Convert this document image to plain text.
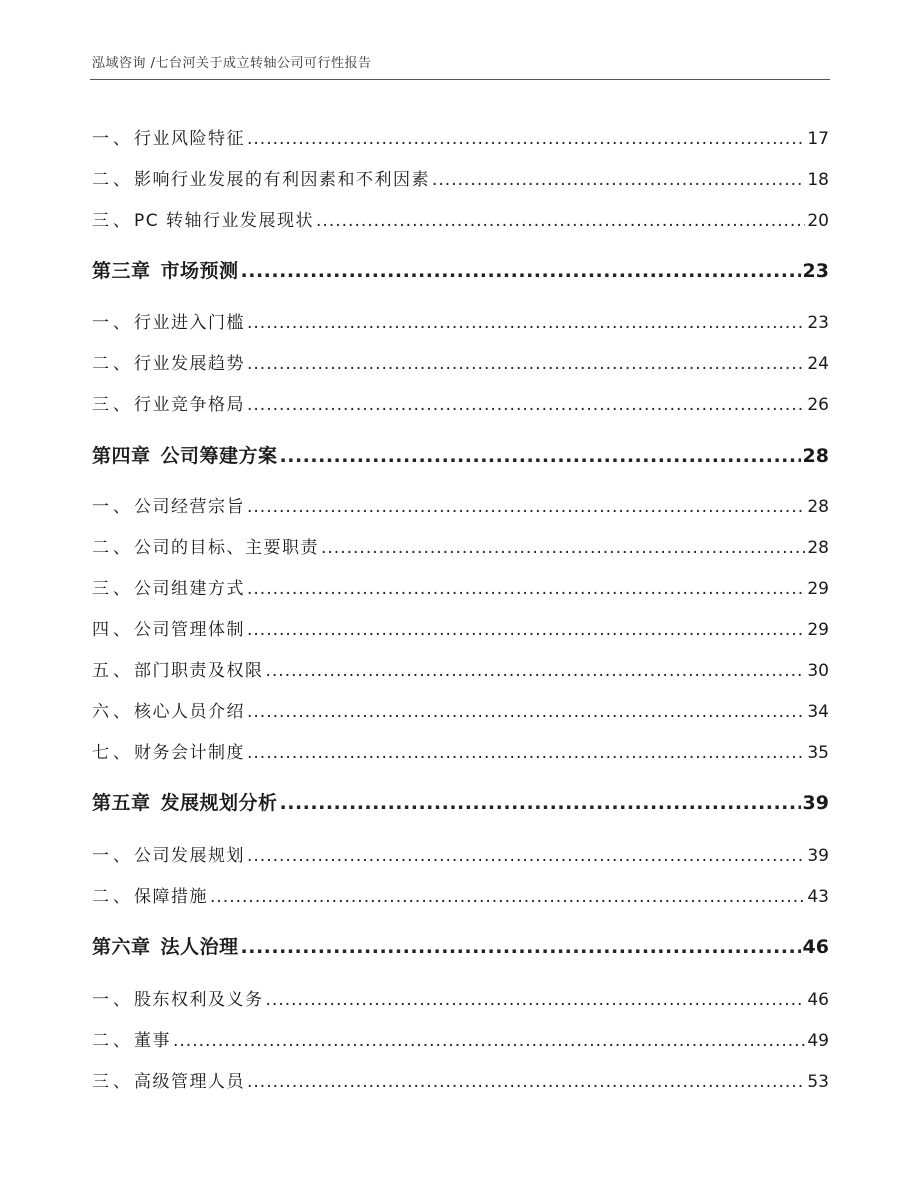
泓域咨询 /七台河关于成立转轴公司可行性报告
一、 行业风险特征 .....	17
二、 影响行业发展的有利因素和不利因素 .....	18
三、 PC 转轴行业发展现状 .....	20
第三章 市场预测 .....	23
一、 行业进入门槛 .....	23
二、 行业发展趋势 .....	24
三、 行业竞争格局 .....	26
第四章 公司筹建方案 .....	28
一、 公司经营宗旨 .....	28
二、 公司的目标、主要职责 .....	28
三、 公司组建方式 .....	29
四、 公司管理体制 .....	29
五、 部门职责及权限 .....	30
六、 核心人员介绍 .....	34
七、 财务会计制度 .....	35
第五章 发展规划分析 .....	39
一、 公司发展规划 .....	39
二、 保障措施 .....	43
第六章 法人治理 .....	46
一、 股东权利及义务 .....	46
二、 董事 .....	49
三、 高级管理人员 .....	53
